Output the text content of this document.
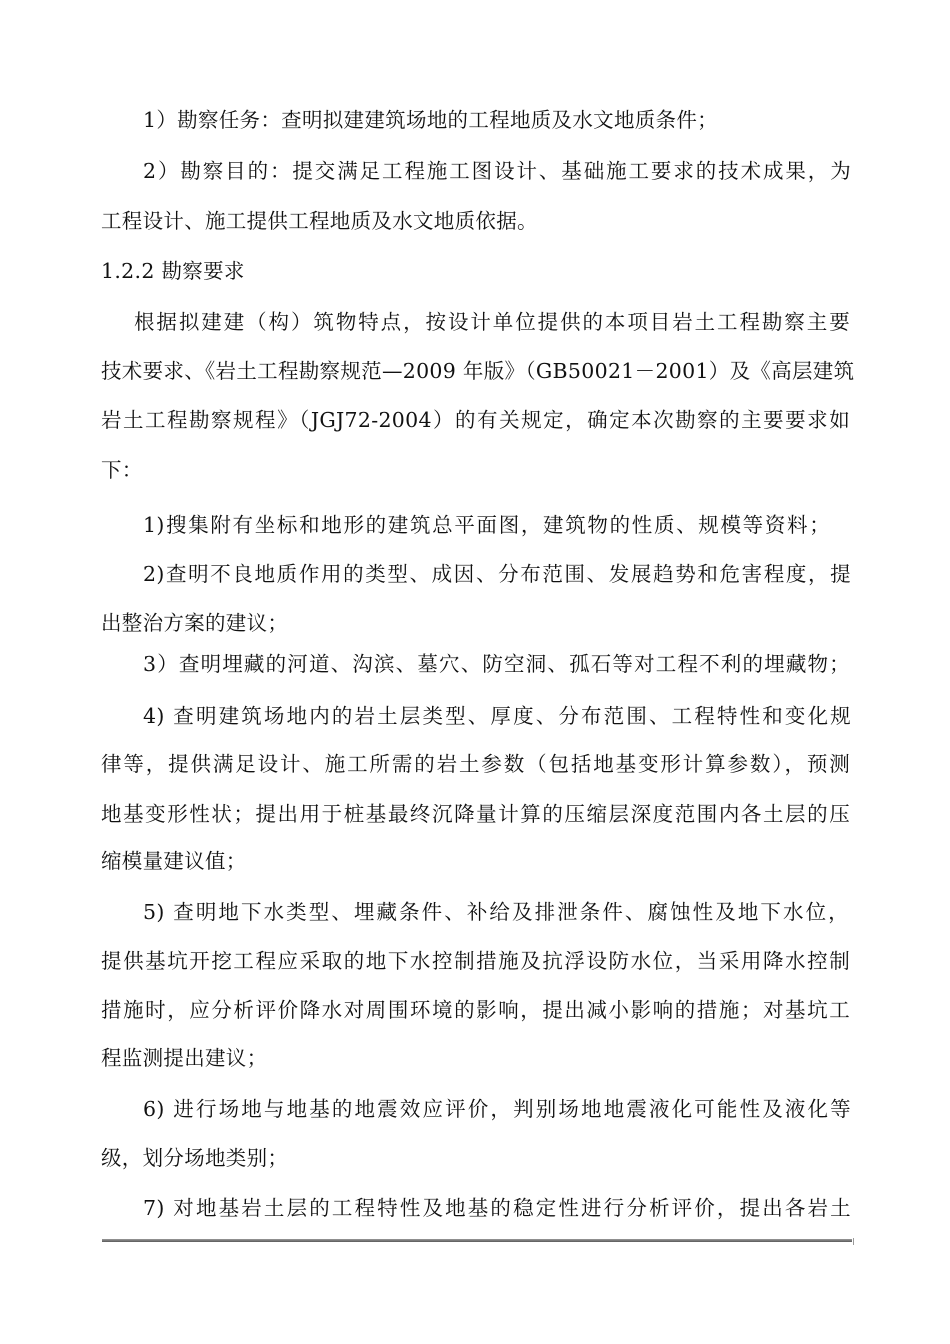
1）勘察任务：查明拟建建筑场地的工程地质及水文地质条件；
2）勘察目的：提交满足工程施工图设计、基础施工要求的技术成果，为
工程设计、施工提供工程地质及水文地质依据。
1.2.2 勘察要求
根据拟建建（构）筑物特点，按设计单位提供的本项目岩土工程勘察主要
技术要求、《岩土工程勘察规范—2009 年版》（GB50021－2001）及《高层建筑
岩土工程勘察规程》（JGJ72-2004）的有关规定，确定本次勘察的主要要求如
下：
1)搜集附有坐标和地形的建筑总平面图，建筑物的性质、规模等资料；
2)查明不良地质作用的类型、成因、分布范围、发展趋势和危害程度，提
出整治方案的建议；
3）查明埋藏的河道、沟滨、墓穴、防空洞、孤石等对工程不利的埋藏物；
4) 查明建筑场地内的岩土层类型、厚度、分布范围、工程特性和变化规
律等，提供满足设计、施工所需的岩土参数（包括地基变形计算参数），预测
地基变形性状；提出用于桩基最终沉降量计算的压缩层深度范围内各土层的压
缩模量建议值；
5) 查明地下水类型、埋藏条件、补给及排泄条件、腐蚀性及地下水位，
提供基坑开挖工程应采取的地下水控制措施及抗浮设防水位，当采用降水控制
措施时，应分析评价降水对周围环境的影响，提出减小影响的措施；对基坑工
程监测提出建议；
6) 进行场地与地基的地震效应评价，判别场地地震液化可能性及液化等
级，划分场地类别；
7) 对地基岩土层的工程特性及地基的稳定性进行分析评价，提出各岩土
